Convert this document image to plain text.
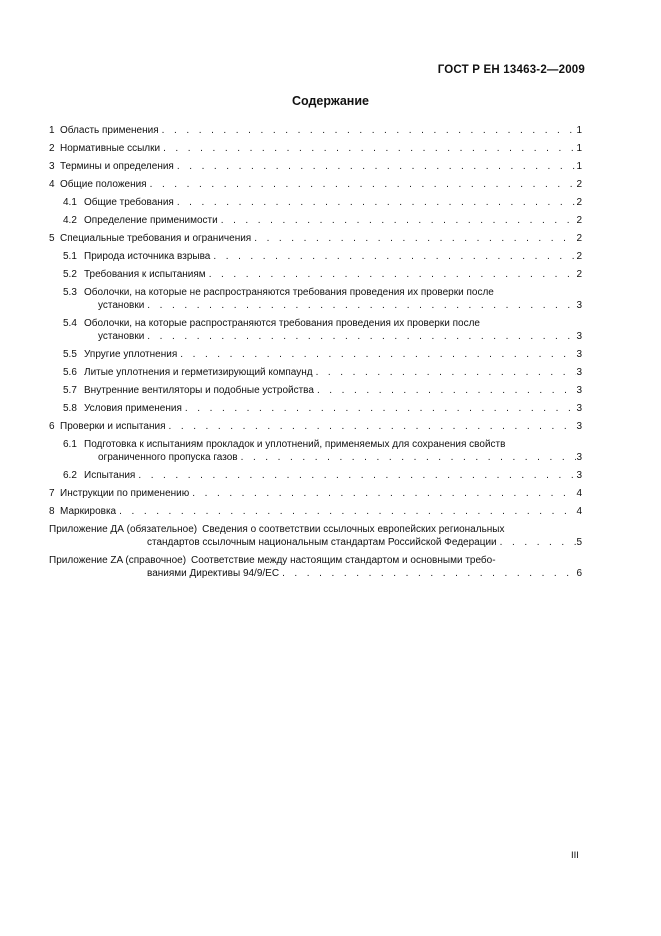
ГОСТ Р ЕН 13463-2—2009
Содержание
1 Область применения . . .	1
2 Нормативные ссылки . . .	1
3 Термины и определения . . .	1
4 Общие положения . . .	2
4.1 Общие требования . . .	2
4.2 Определение применимости . . .	2
5 Специальные требования и ограничения . . .	2
5.1 Природа источника взрыва . . .	2
5.2 Требования к испытаниям . . .	2
5.3 Оболочки, на которые не распространяются требования проведения их проверки после
установки . . .	3
5.4 Оболочки, на которые распространяются требования проведения их проверки после
установки . . .	3
5.5 Упругие уплотнения . . .	3
5.6 Литые уплотнения и герметизирующий компаунд . . .	3
5.7 Внутренние вентиляторы и подобные устройства . . .	3
5.8 Условия применения . . .	3
6 Проверки и испытания . . .	3
6.1 Подготовка к испытаниям прокладок и уплотнений, применяемых для сохранения свойств
ограниченного пропуска газов . . .	3
6.2 Испытания . . .	3
7 Инструкции по применению . . .	4
8 Маркировка . . .	4
Приложение ДА (обязательное) Сведения о соответствии ссылочных европейских региональных
стандартов ссылочным национальным стандартам Российской Федерации . . .	5
Приложение ZA (справочное) Соответствие между настоящим стандартом и основными требо-
ваниями Директивы 94/9/ЕС . . .	6
III
